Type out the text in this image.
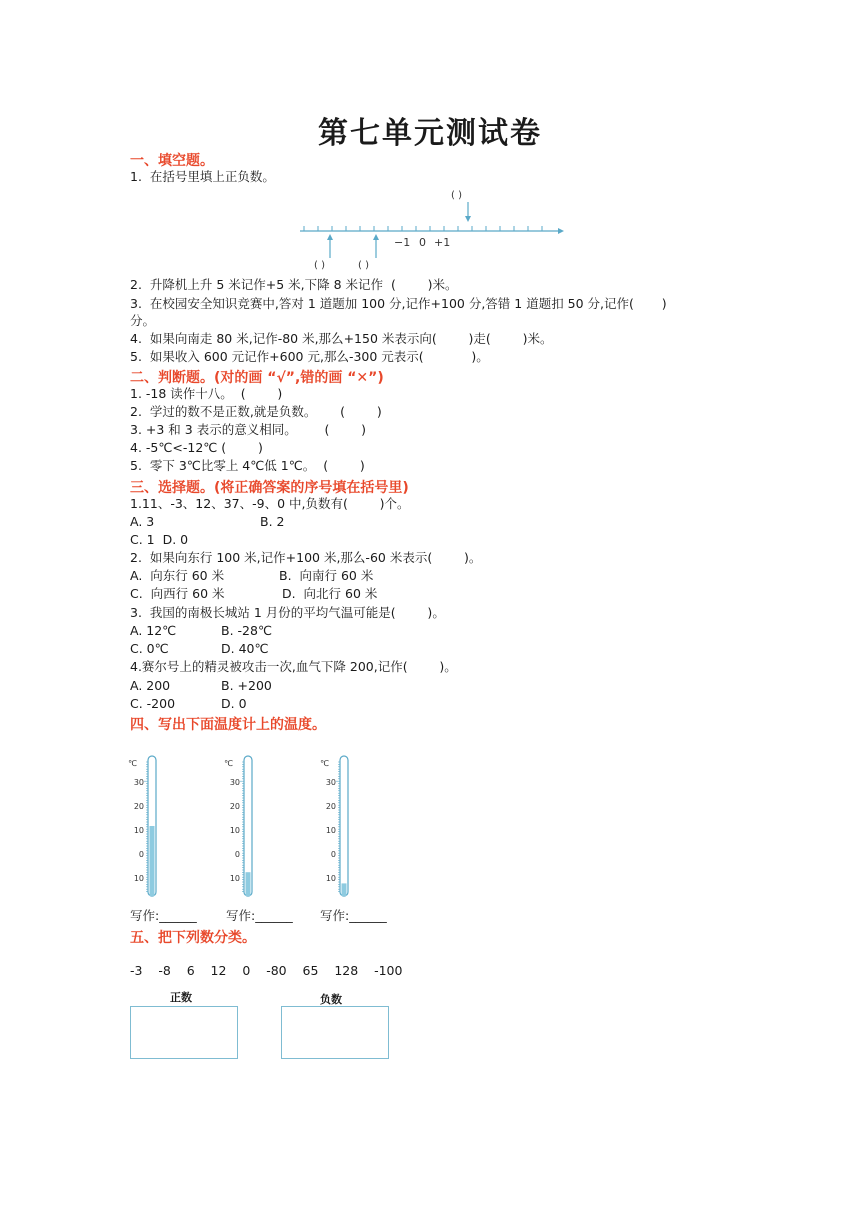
第七单元测试卷
一、填空题。
1.  在括号里填上正负数。
( )
−1 0 +1
( )	( )
2.  升降机上升 5 米记作+5 米,下降 8 米记作  (        )米。
3.  在校园安全知识竞赛中,答对 1 道题加 100 分,记作+100 分,答错 1 道题扣 50 分,记作(       )
分。
4.  如果向南走 80 米,记作-80 米,那么+150 米表示向(        )走(        )米。
5.  如果收入 600 元记作+600 元,那么-300 元表示(            )。
二、判断题。(对的画 “√”,错的画 “✕”)
1. -18 读作十八。  (        )
2.  学过的数不是正数,就是负数。      (        )
3. +3 和 3 表示的意义相同。       (        )
4. -5℃<-12℃ (        )
5.  零下 3℃比零上 4℃低 1℃。  (        )
三、选择题。(将正确答案的序号填在括号里)
1.11、-3、12、37、-9、0 中,负数有(        )个。
A. 3	B. 2
C. 1  D. 0
2.  如果向东行 100 米,记作+100 米,那么-60 米表示(        )。
A.  向东行 60 米	B.  向南行 60 米
C.  向西行 60 米	D.  向北行 60 米
3.  我国的南极长城站 1 月份的平均气温可能是(        )。
A. 12℃	B. -28℃
C. 0℃	D. 40℃
4.赛尔号上的精灵被攻击一次,血气下降 200,记作(        )。
A. 200	B. +200
C. -200	D. 0
四、写出下面温度计上的温度。
℃
30
20
10
0
10
℃
30
20
10
0
10
℃
30
20
10
0
10
写作:______ 写作:______ 写作:______
五、把下列数分类。
-3    -8    6    12    0    -80    65    128    -100
正数	负数
